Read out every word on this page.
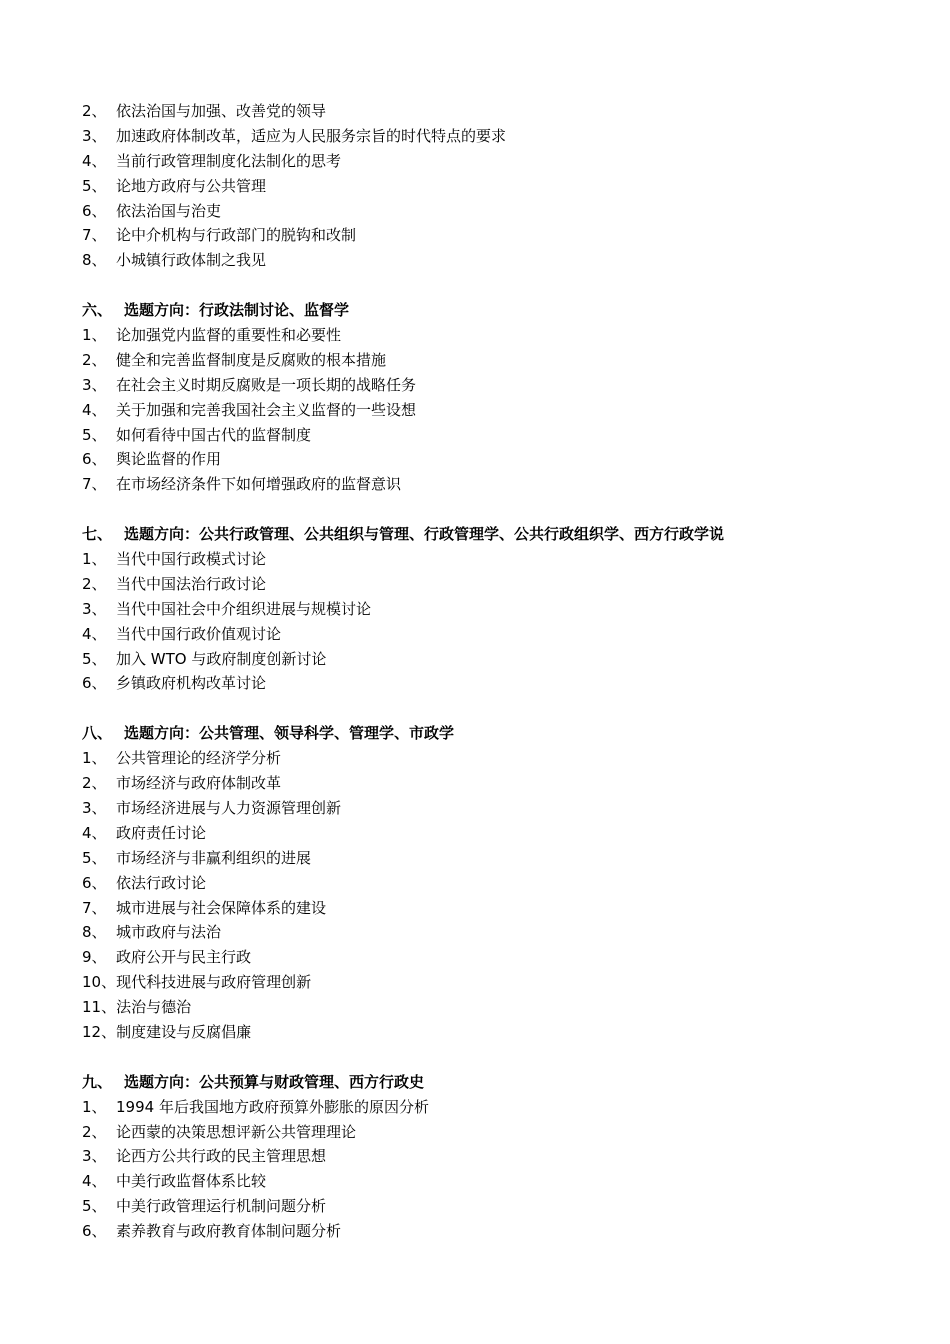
2、 依法治国与加强、改善党的领导
3、 加速政府体制改革，适应为人民服务宗旨的时代特点的要求
4、 当前行政管理制度化法制化的思考
5、 论地方政府与公共管理
6、 依法治国与治吏
7、 论中介机构与行政部门的脱钩和改制
8、 小城镇行政体制之我见
六、 选题方向：行政法制讨论、监督学
1、 论加强党内监督的重要性和必要性
2、 健全和完善监督制度是反腐败的根本措施
3、 在社会主义时期反腐败是一项长期的战略任务
4、 关于加强和完善我国社会主义监督的一些设想
5、 如何看待中国古代的监督制度
6、 舆论监督的作用
7、 在市场经济条件下如何增强政府的监督意识
七、 选题方向：公共行政管理、公共组织与管理、行政管理学、公共行政组织学、西方行政学说
1、 当代中国行政模式讨论
2、 当代中国法治行政讨论
3、 当代中国社会中介组织进展与规模讨论
4、 当代中国行政价值观讨论
5、 加入 WTO 与政府制度创新讨论
6、 乡镇政府机构改革讨论
八、 选题方向：公共管理、领导科学、管理学、市政学
1、 公共管理论的经济学分析
2、 市场经济与政府体制改革
3、 市场经济进展与人力资源管理创新
4、 政府责任讨论
5、 市场经济与非赢利组织的进展
6、 依法行政讨论
7、 城市进展与社会保障体系的建设
8、 城市政府与法治
9、 政府公开与民主行政
10、 现代科技进展与政府管理创新
11、 法治与德治
12、 制度建设与反腐倡廉
九、 选题方向：公共预算与财政管理、西方行政史
1、 1994 年后我国地方政府预算外膨胀的原因分析
2、 论西蒙的决策思想评新公共管理理论
3、 论西方公共行政的民主管理思想
4、 中美行政监督体系比较
5、 中美行政管理运行机制问题分析
6、 素养教育与政府教育体制问题分析
